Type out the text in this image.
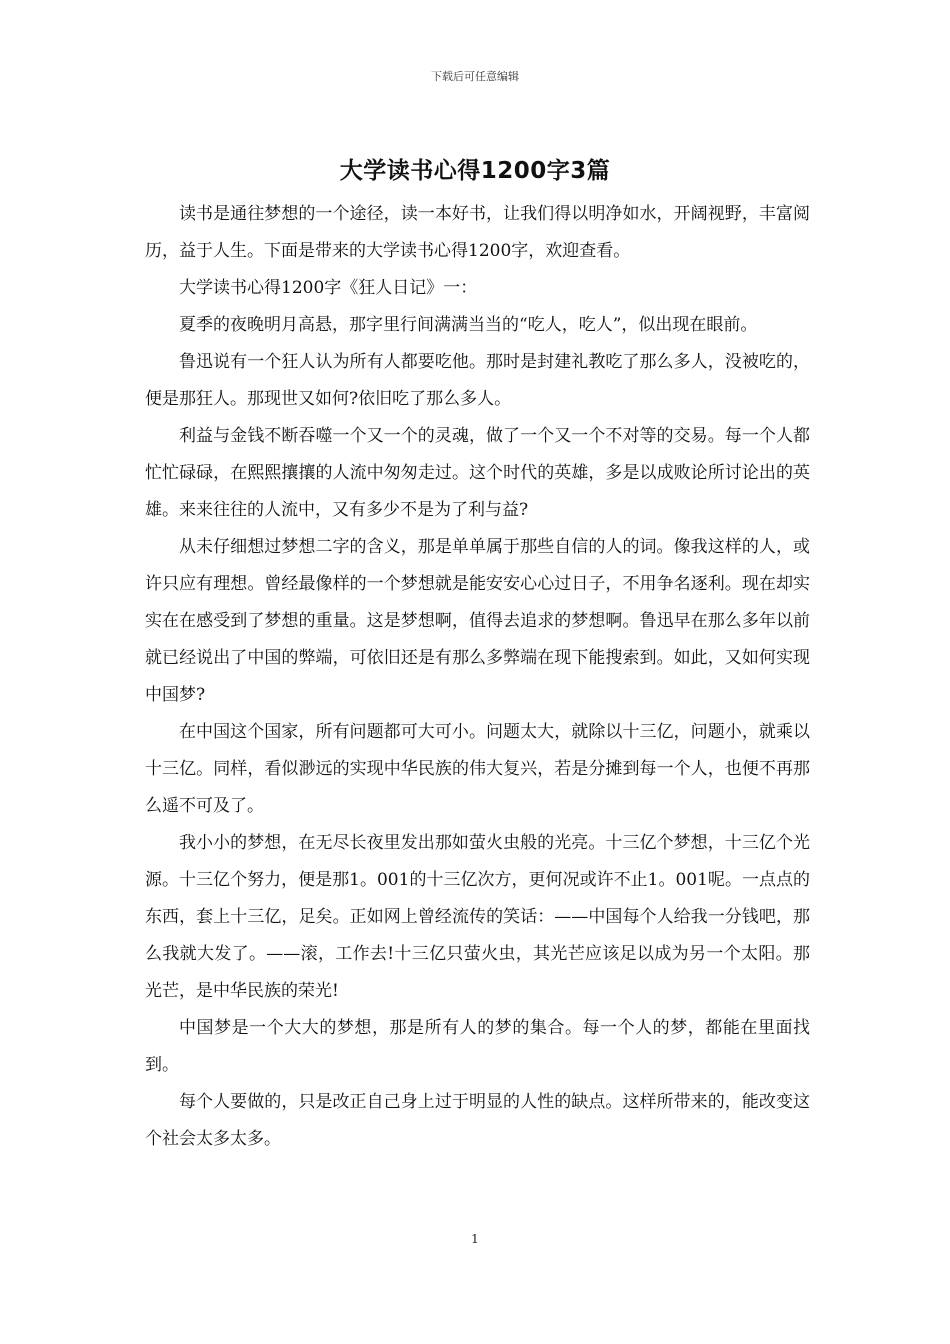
下载后可任意编辑
大学读书心得1200字3篇

读书是通往梦想的一个途径，读一本好书，让我们得以明净如水，开阔视野，丰富阅历，益于人生。下面是带来的大学读书心得1200字，欢迎查看。

大学读书心得1200字《狂人日记》一：

夏季的夜晚明月高悬，那字里行间满满当当的“吃人，吃人”，似出现在眼前。

鲁迅说有一个狂人认为所有人都要吃他。那时是封建礼教吃了那么多人，没被吃的，便是那狂人。那现世又如何?依旧吃了那么多人。

利益与金钱不断吞噬一个又一个的灵魂，做了一个又一个不对等的交易。每一个人都忙忙碌碌，在熙熙攘攘的人流中匆匆走过。这个时代的英雄，多是以成败论所讨论出的英雄。来来往往的人流中，又有多少不是为了利与益?

从未仔细想过梦想二字的含义，那是单单属于那些自信的人的词。像我这样的人，或许只应有理想。曾经最像样的一个梦想就是能安安心心过日子，不用争名逐利。现在却实实在在感受到了梦想的重量。这是梦想啊，值得去追求的梦想啊。鲁迅早在那么多年以前就已经说出了中国的弊端，可依旧还是有那么多弊端在现下能搜索到。如此，又如何实现中国梦?

在中国这个国家，所有问题都可大可小。问题太大，就除以十三亿，问题小，就乘以十三亿。同样，看似渺远的实现中华民族的伟大复兴，若是分摊到每一个人，也便不再那么遥不可及了。

我小小的梦想，在无尽长夜里发出那如萤火虫般的光亮。十三亿个梦想，十三亿个光源。十三亿个努力，便是那1。001的十三亿次方，更何况或许不止1。001呢。一点点的东西，套上十三亿，足矣。正如网上曾经流传的笑话：——中国每个人给我一分钱吧，那么我就大发了。——滚，工作去!十三亿只萤火虫，其光芒应该足以成为另一个太阳。那光芒，是中华民族的荣光!

中国梦是一个大大的梦想，那是所有人的梦的集合。每一个人的梦，都能在里面找到。

每个人要做的，只是改正自己身上过于明显的人性的缺点。这样所带来的，能改变这个社会太多太多。

1
